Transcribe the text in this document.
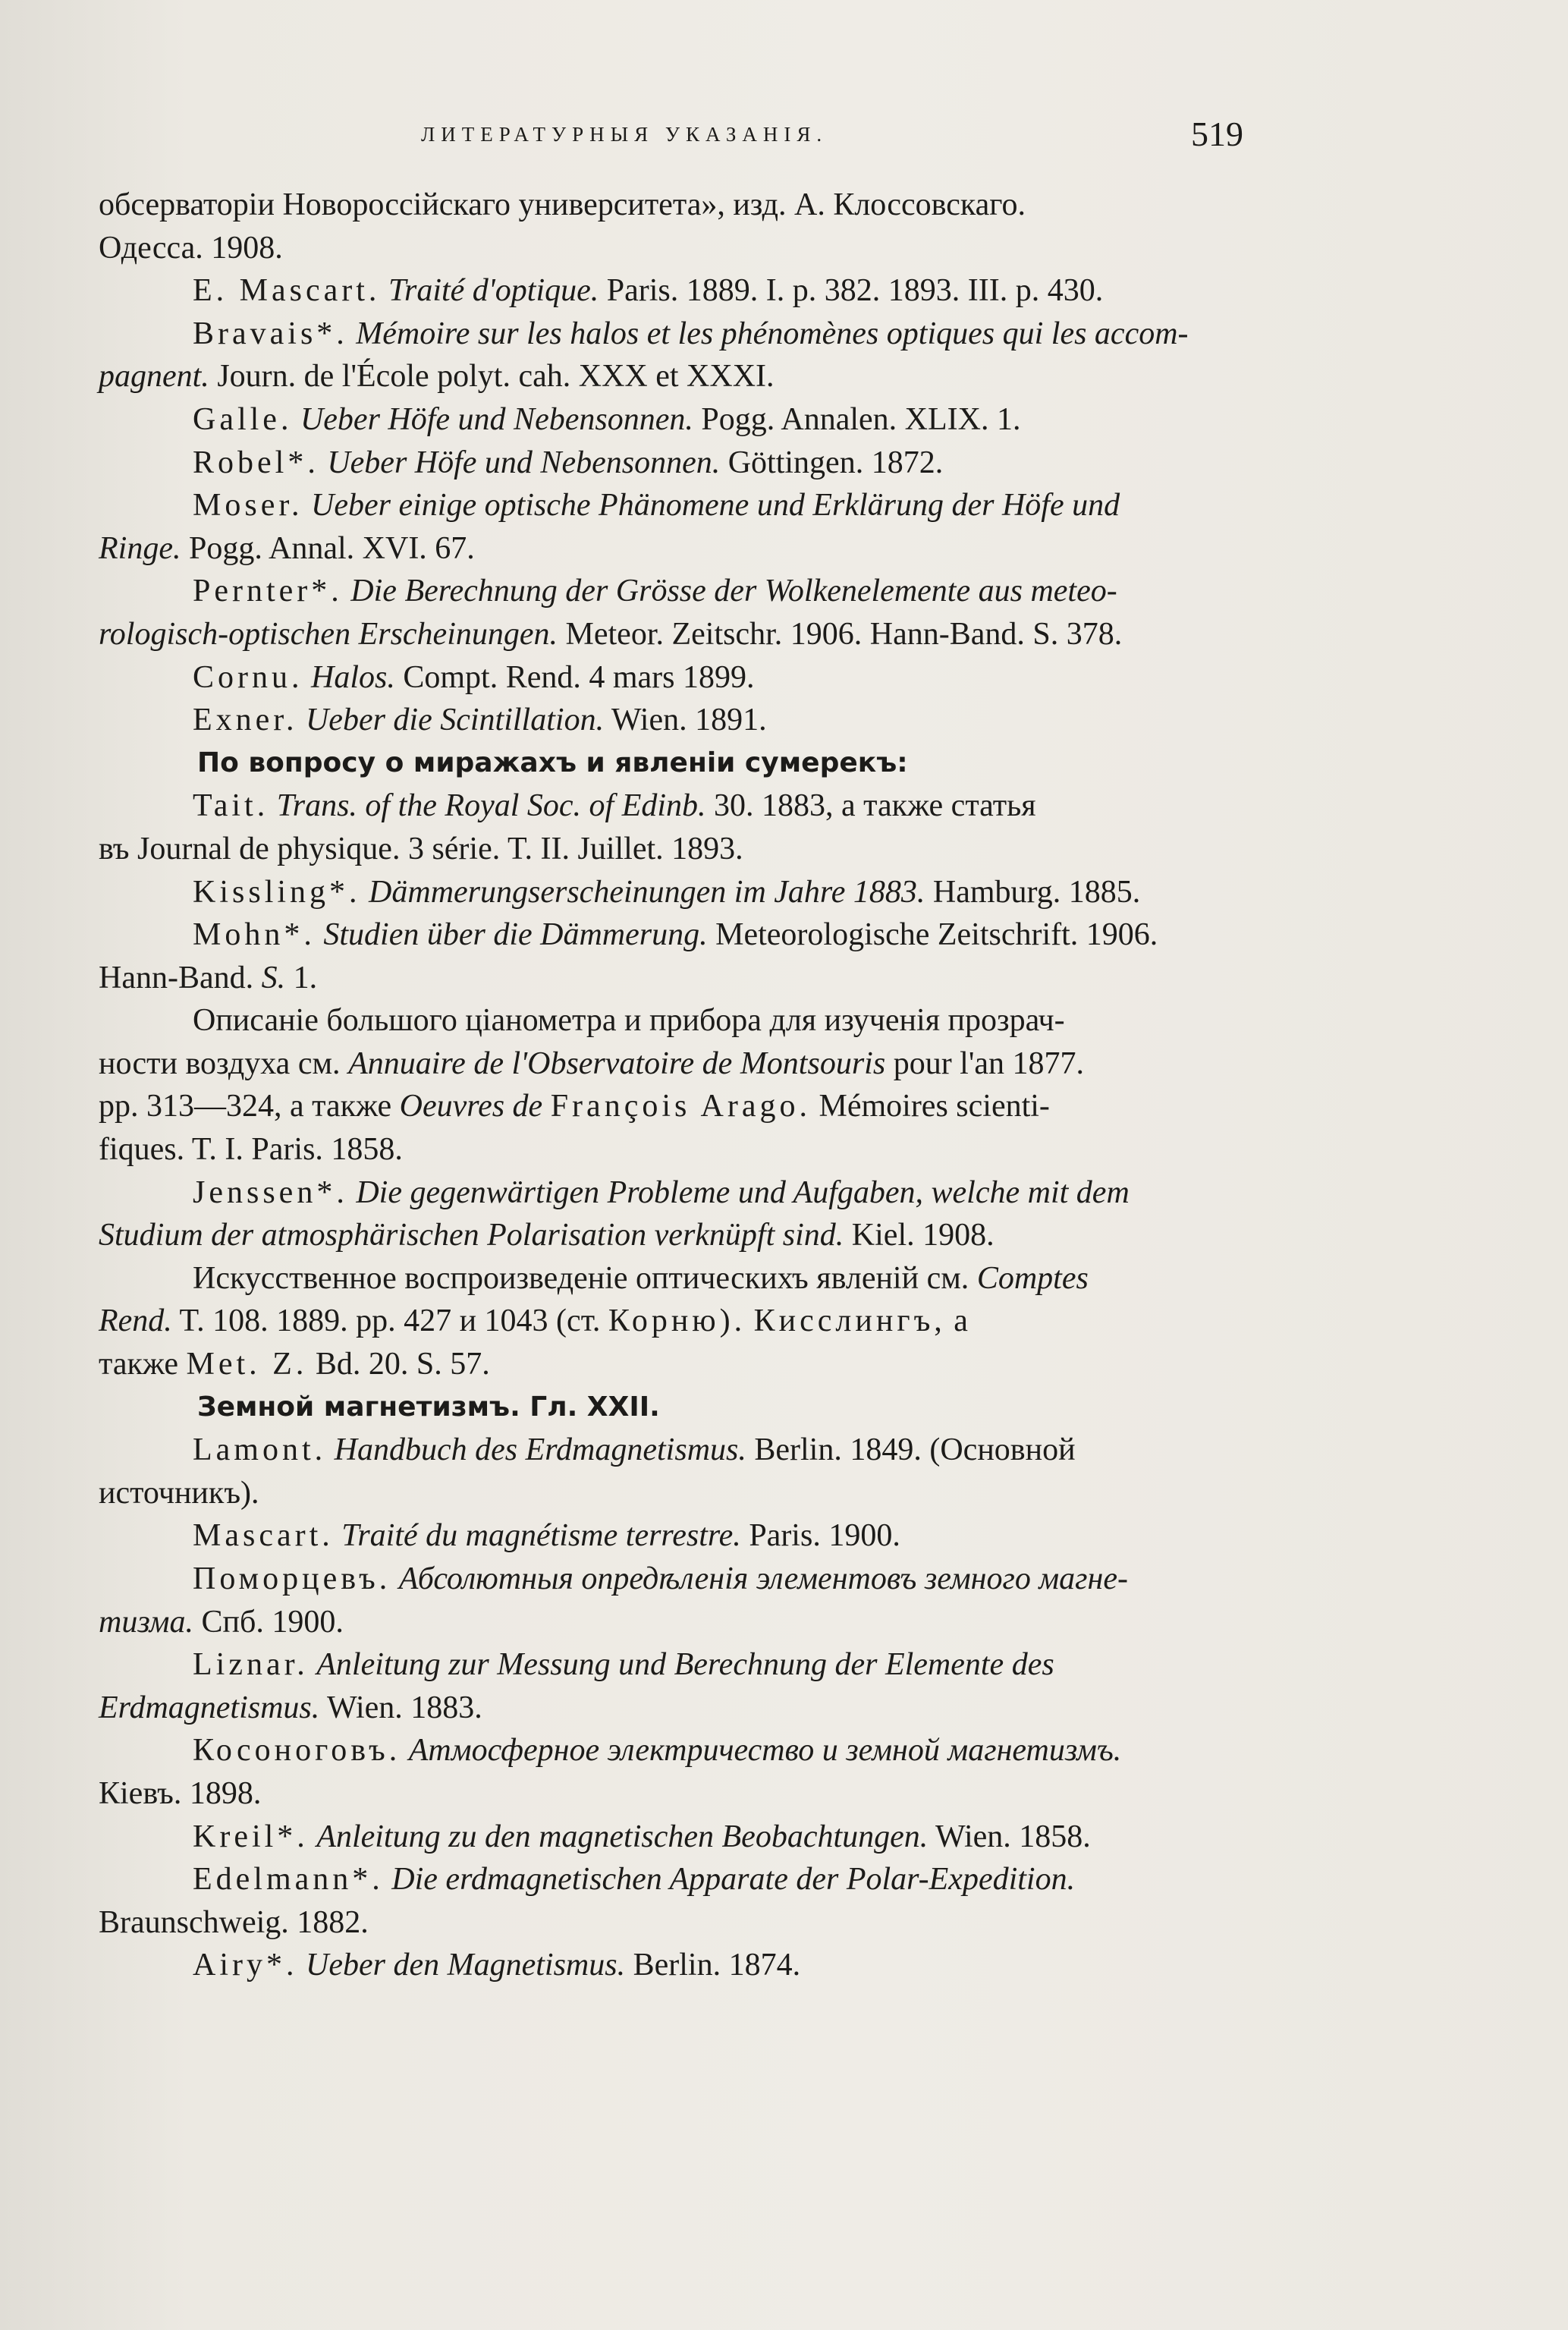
ЛИТЕРАТУРНЫЯ УКАЗАНІЯ.	519
обсерваторіи Новороссійскаго университета», изд. А. Клоссовскаго.
Одесса. 1908.
E. Mascart. Traité d'optique. Paris. 1889. I. p. 382. 1893. III. p. 430.
Bravais*. Mémoire sur les halos et les phénomènes optiques qui les accom-
pagnent. Journ. de l'École polyt. cah. XXX et XXXI.
Galle. Ueber Höfe und Nebensonnen. Pogg. Annalen. XLIX. 1.
Robel*. Ueber Höfe und Nebensonnen. Göttingen. 1872.
Moser. Ueber einige optische Phänomene und Erklärung der Höfe und
Ringe. Pogg. Annal. XVI. 67.
Pernter*. Die Berechnung der Grösse der Wolkenelemente aus meteo-
rologisch-optischen Erscheinungen. Meteor. Zeitschr. 1906. Hann-Band. S. 378.
Cornu. Halos. Compt. Rend. 4 mars 1899.
Exner. Ueber die Scintillation. Wien. 1891.
По вопросу о миражахъ и явленіи сумерекъ:
Tait. Trans. of the Royal Soc. of Edinb. 30. 1883, а также статья
въ Journal de physique. 3 série. T. II. Juillet. 1893.
Kissling*. Dämmerungserscheinungen im Jahre 1883. Hamburg. 1885.
Mohn*. Studien über die Dämmerung. Meteorologische Zeitschrift. 1906.
Hann-Band. S. 1.
Описаніе большого ціанометра и прибора для изученія прозрач-
ности воздуха см. Annuaire de l'Observatoire de Montsouris pour l'an 1877.
pp. 313—324, а также Oeuvres de François Arago. Mémoires scienti-
fiques. T. I. Paris. 1858.
Jenssen*. Die gegenwärtigen Probleme und Aufgaben, welche mit dem
Studium der atmosphärischen Polarisation verknüpft sind. Kiel. 1908.
Искусственное воспроизведеніе оптическихъ явленій см. Comptes
Rend. T. 108. 1889. pp. 427 и 1043 (ст. Корню). Кисслингъ, а
также Met. Z. Bd. 20. S. 57.
Земной магнетизмъ. Гл. XXII.
Lamont. Handbuch des Erdmagnetismus. Berlin. 1849. (Основной
источникъ).
Mascart. Traité du magnétisme terrestre. Paris. 1900.
Поморцевъ. Абсолютныя опредѣленія элементовъ земного магне-
тизма. Спб. 1900.
Liznar. Anleitung zur Messung und Berechnung der Elemente des
Erdmagnetismus. Wien. 1883.
Косоноговъ. Атмосферное электричество и земной магнетизмъ.
Кіевъ. 1898.
Kreil*. Anleitung zu den magnetischen Beobachtungen. Wien. 1858.
Edelmann*. Die erdmagnetischen Apparate der Polar-Expedition.
Braunschweig. 1882.
Airy*. Ueber den Magnetismus. Berlin. 1874.
